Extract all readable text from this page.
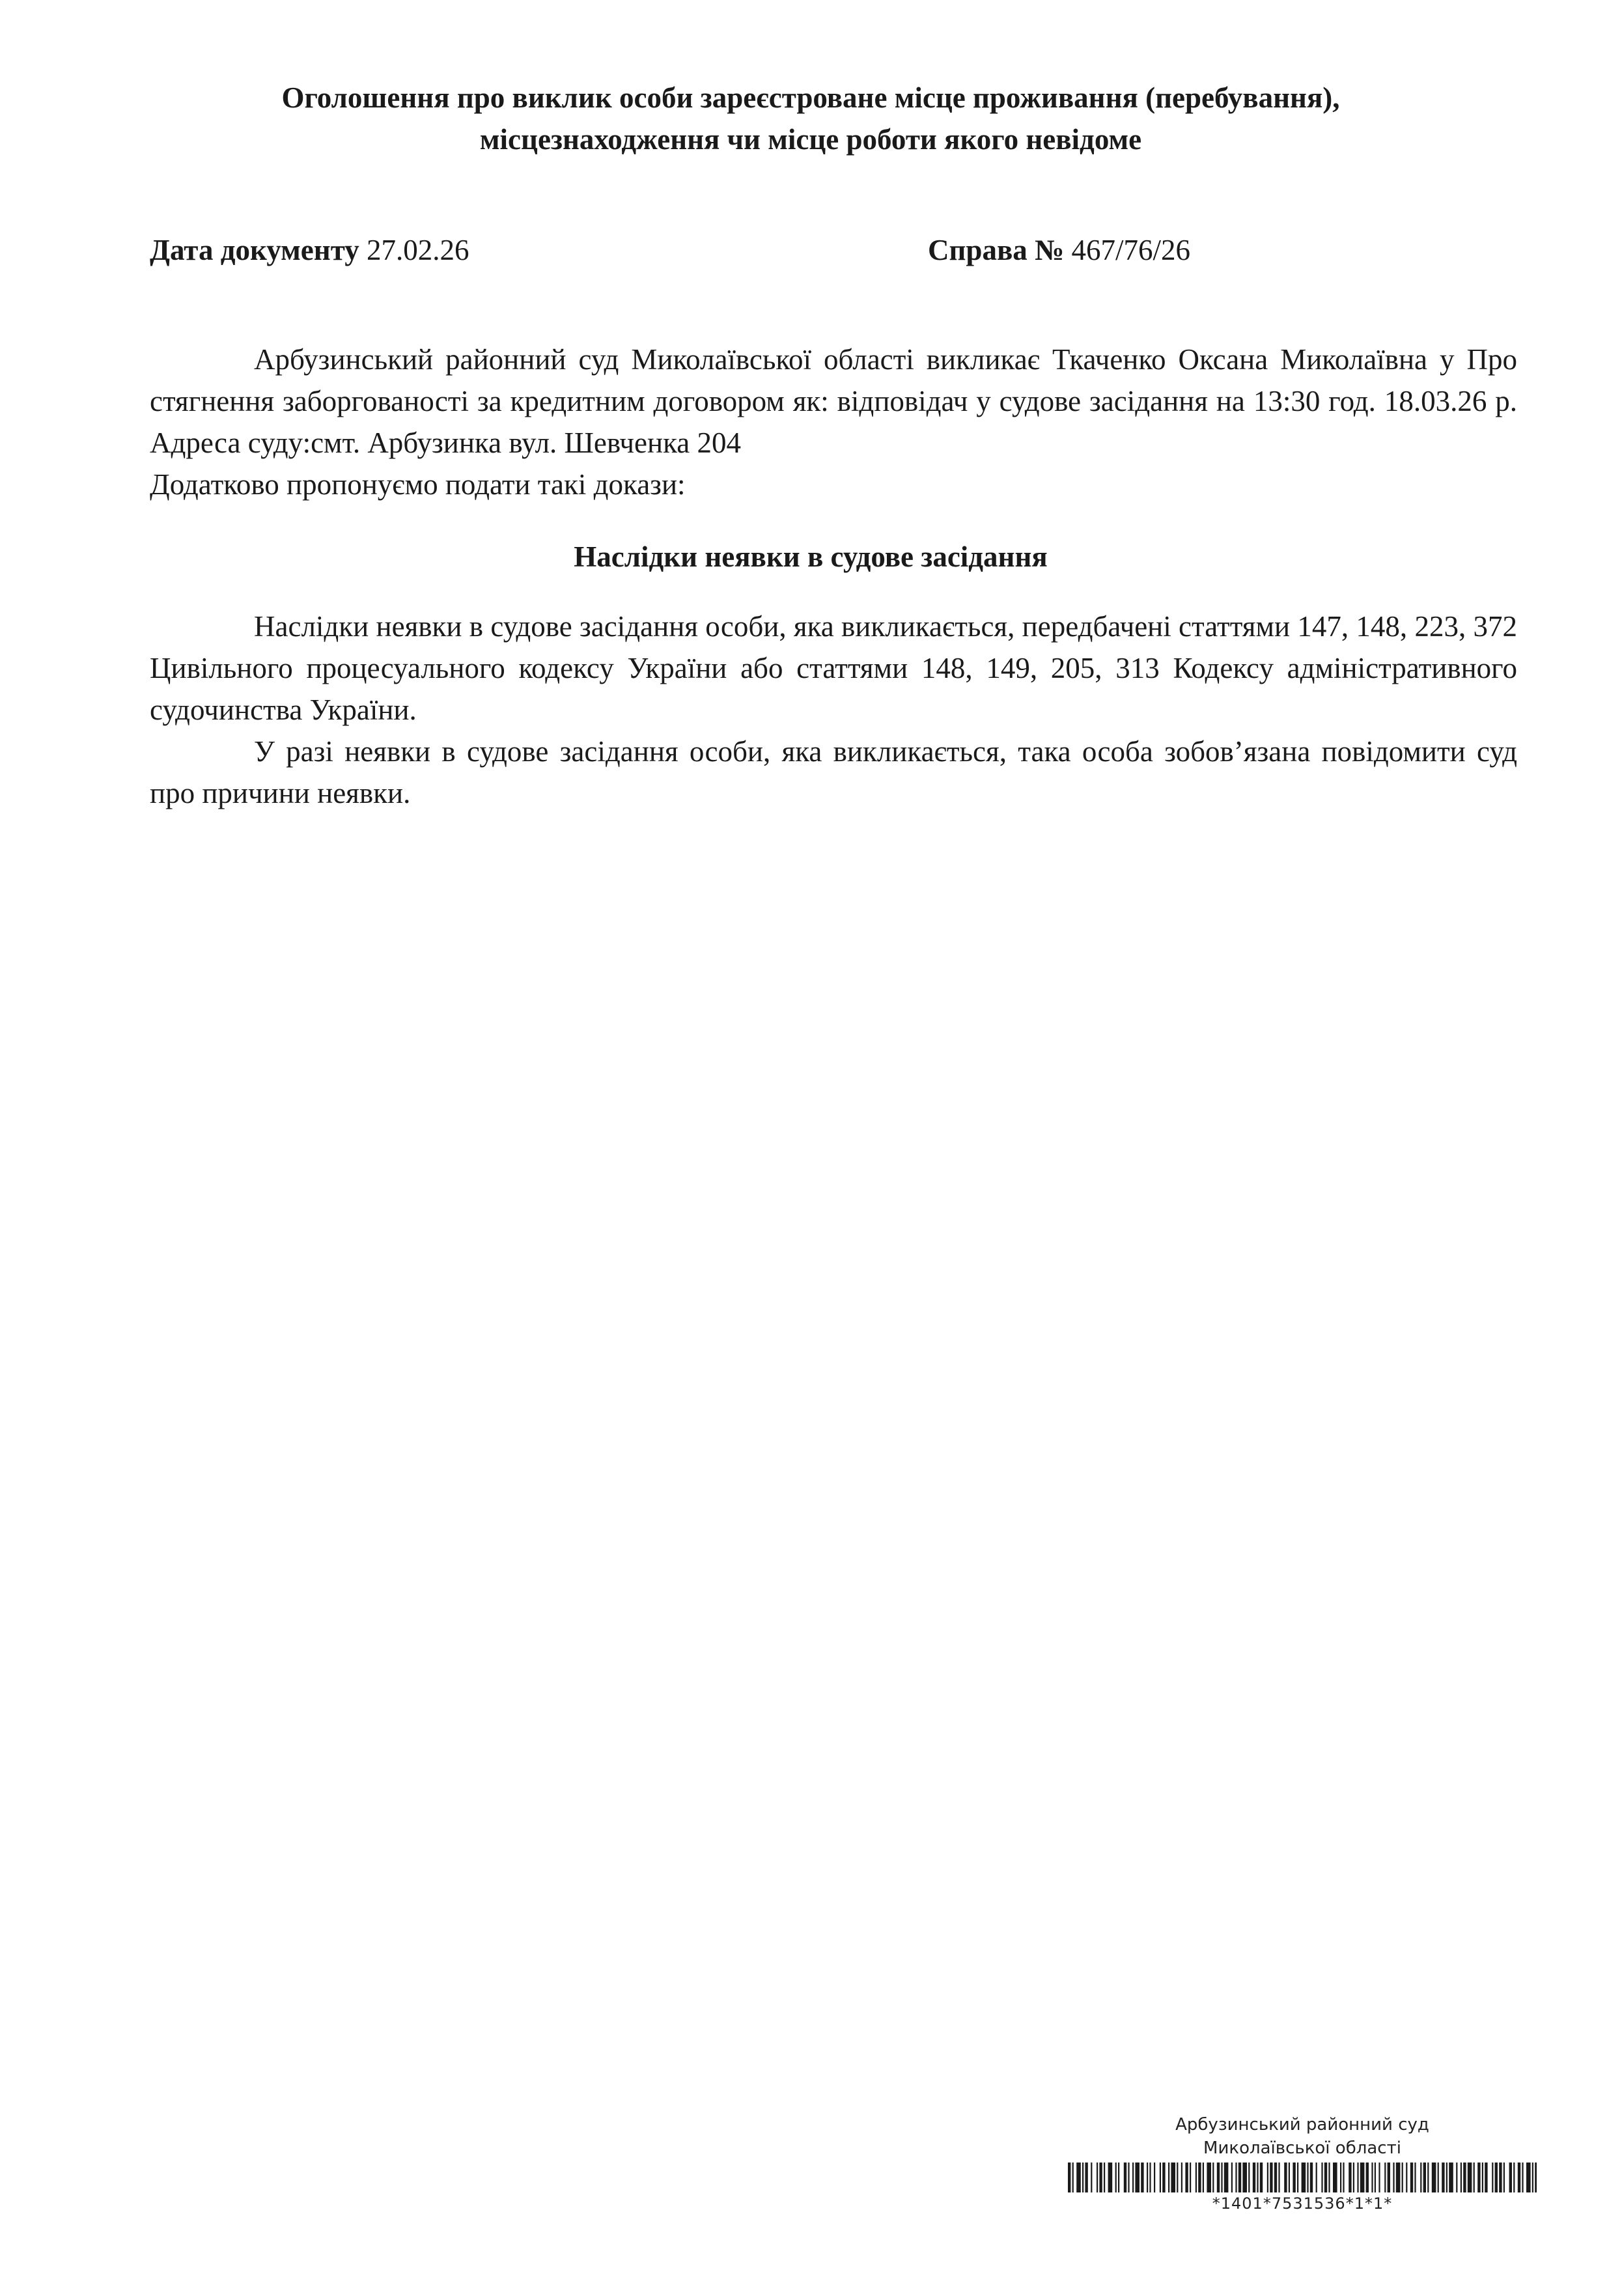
Оголошення про виклик особи зареєстроване місце проживання (перебування),
місцезнаходження чи місце роботи якого невідоме
Дата документу 27.02.26	Справа № 467/76/26

Арбузинський районний суд Миколаївської області викликає Ткаченко Оксана Миколаївна у Про стягнення заборгованості за кредитним договором як: відповідач у судове засідання на 13:30 год. 18.03.26 р. Адреса суду:смт. Арбузинка вул. Шевченка 204

Додатково пропонуємо подати такі докази:

Наслідки неявки в судове засідання

Наслідки неявки в судове засідання особи, яка викликається, передбачені статтями 147, 148, 223, 372 Цивільного процесуального кодексу України або статтями 148, 149, 205, 313 Кодексу адміністративного судочинства України.

У разі неявки в судове засідання особи, яка викликається, така особа зобов’язана повідомити суд про причини неявки.

Арбузинський районний суд
Миколаївської області
*1401*7531536*1*1*
